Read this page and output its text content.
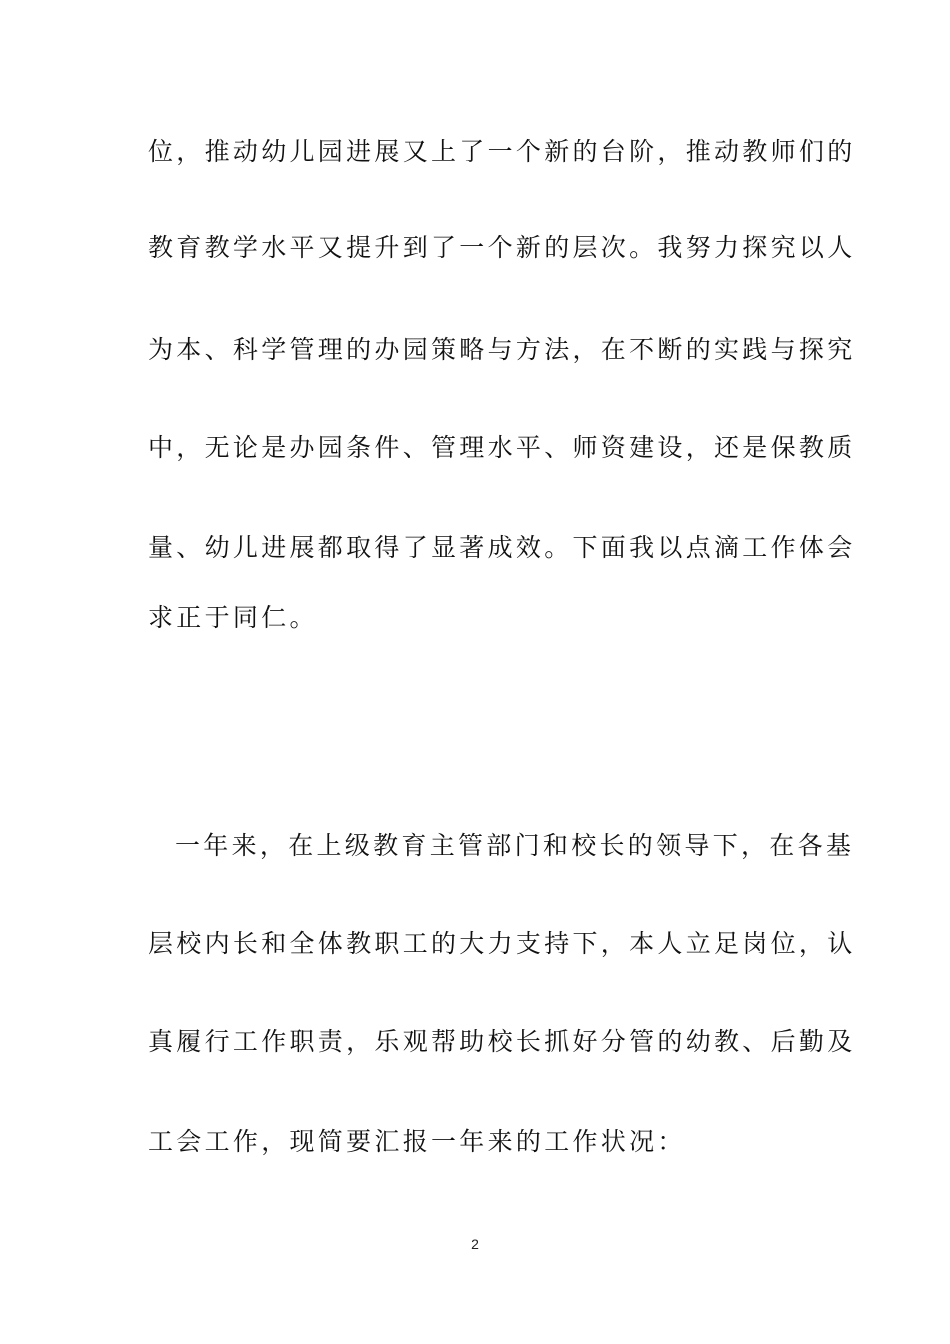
位，推动幼儿园进展又上了一个新的台阶，推动教师们的
教育教学水平又提升到了一个新的层次。我努力探究以人
为本、科学管理的办园策略与方法，在不断的实践与探究
中，无论是办园条件、管理水平、师资建设，还是保教质
量、幼儿进展都取得了显著成效。下面我以点滴工作体会
求正于同仁。
一年来，在上级教育主管部门和校长的领导下，在各基
层校内长和全体教职工的大力支持下，本人立足岗位，认
真履行工作职责，乐观帮助校长抓好分管的幼教、后勤及
工会工作，现简要汇报一年来的工作状况：
2
